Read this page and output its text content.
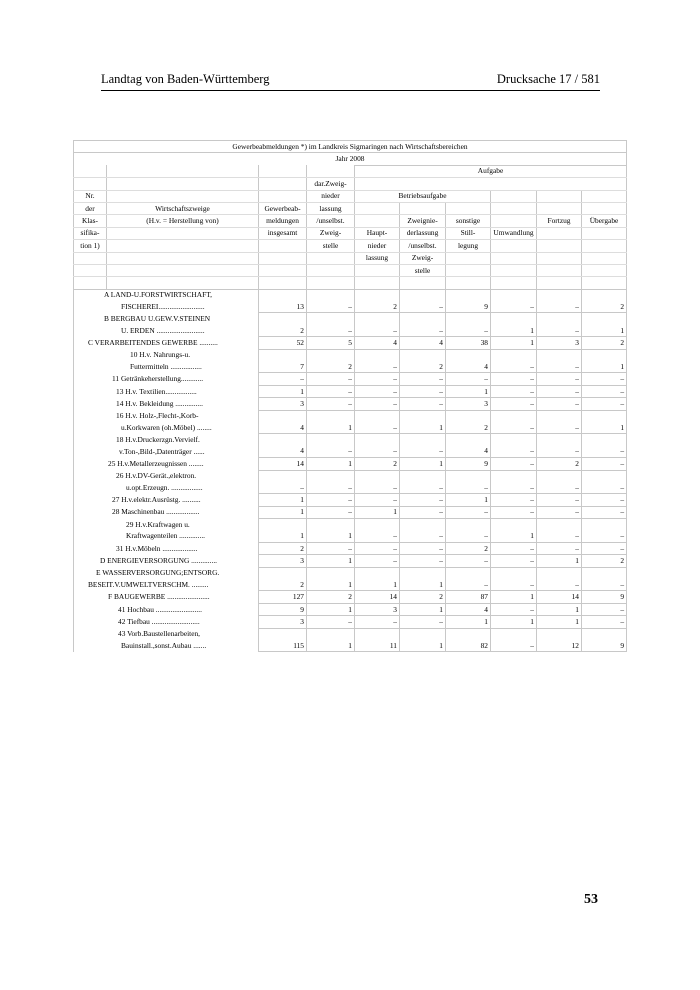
Landtag von Baden-Württemberg	Drucksache 17 / 581
Gewerbeabmeldungen *) im Landkreis Sigmaringen nach Wirtschaftsbereichen									
Jahr 2008									
				Aufgabe					
			dar.Zweig-						
Nr.			nieder	Betriebsaufgabe					
der	Wirtschaftszweige	Gewerbeab-	lassung						
Klas-	(H.v. = Herstellung von)	meldungen	/unselbst.		Zweignie-	sonstige		Fortzug	Übergabe
sifika-		insgesamt	Zweig-	Haupt-	derlassung	Still-	Umwandlung		
tion 1)			stelle	nieder	/unselbst.	legung			
				lassung	Zweig-				
					stelle				

A LAND-U.FORSTWIRTSCHAFT,									
FISCHEREI.........................		13	–	2	–	9	–	–	2
B BERGBAU U.GEW.V.STEINEN									
U. ERDEN ..........................		2	–	–	–	–	1	–	1
C VERARBEITENDES GEWERBE ..........		52	5	4	4	38	1	3	2
10 H.v. Nahrungs-u.									
Futtermitteln .................		7	2	–	2	4	–	–	1
11 Getränkeherstellung............		–	–	–	–	–	–	–	–
13 H.v. Textilien.................		1	–	–	–	1	–	–	–
14 H.v. Bekleidung ...............		3	–	–	–	3	–	–	–
16 H.v. Holz-,Flecht-,Korb-									
u.Korkwaren (oh.Möbel) ........		4	1	–	1	2	–	–	1
18 H.v.Druckerzgn.Vervielf.									
v.Ton-,Bild-,Datenträger ......		4	–	–	–	4	–	–	–
25 H.v.Metallerzeugnissen ........		14	1	2	1	9	–	2	–
26 H.v.DV-Gerät.,elektron.									
u.opt.Erzeugn. .................		–	–	–	–	–	–	–	–
27 H.v.elektr.Ausrüstg. ..........		1	–	–	–	1	–	–	–
28 Maschinenbau ..................		1	–	1	–	–	–	–	–
29 H.v.Kraftwagen u.									
Kraftwagenteilen ..............		1	1	–	–	–	1	–	–
31 H.v.Möbeln ...................		2	–	–	–	2	–	–	–
D ENERGIEVERSORGUNG ..............		3	1	–	–	–	–	1	2
E WASSERVERSORGUNG;ENTSORG.									
BESEIT.V.UMWELTVERSCHM. .........		2	1	1	1	–	–	–	–
F BAUGEWERBE .......................		127	2	14	2	87	1	14	9
41 Hochbau .........................		9	1	3	1	4	–	1	–
42 Tiefbau ..........................		3	–	–	–	1	1	1	–
43 Vorb.Baustellenarbeiten,									
Bauinstall.,sonst.Aubau .......		115	1	11	1	82	–	12	9
53
